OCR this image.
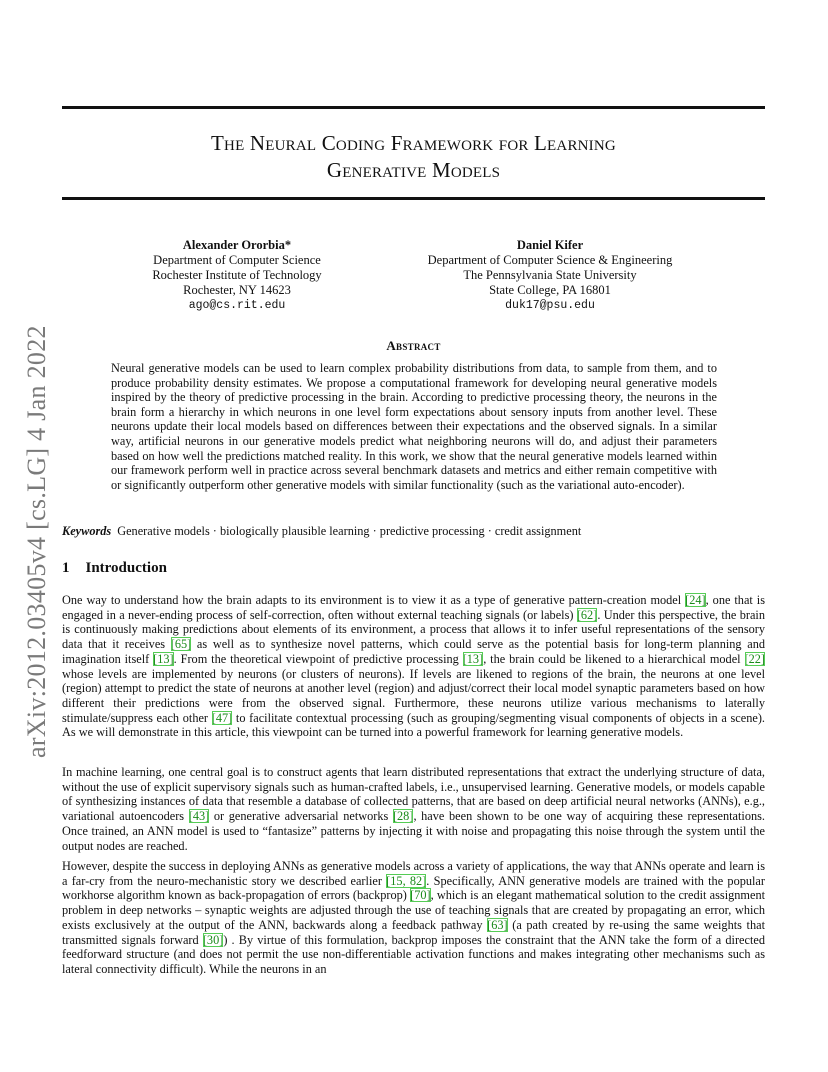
arXiv:2012.03405v4 [cs.LG] 4 Jan 2022
The Neural Coding Framework for Learning
Generative Models
Alexander Ororbia*
Department of Computer Science
Rochester Institute of Technology
Rochester, NY 14623
ago@cs.rit.edu
Daniel Kifer
Department of Computer Science & Engineering
The Pennsylvania State University
State College, PA 16801
duk17@psu.edu
Abstract
Neural generative models can be used to learn complex probability distributions from data, to sample from them, and to produce probability density estimates. We propose a computational framework for developing neural generative models inspired by the theory of predictive processing in the brain. According to predictive processing theory, the neurons in the brain form a hierarchy in which neurons in one level form expectations about sensory inputs from another level. These neurons update their local models based on differences between their expectations and the observed signals. In a similar way, artificial neurons in our generative models predict what neighboring neurons will do, and adjust their parameters based on how well the predictions matched reality. In this work, we show that the neural generative models learned within our framework perform well in practice across several benchmark datasets and metrics and either remain competitive with or significantly outperform other generative models with similar functionality (such as the variational auto-encoder).
Keywords Generative models · biologically plausible learning · predictive processing · credit assignment
1 Introduction
One way to understand how the brain adapts to its environment is to view it as a type of generative pattern-creation model [24], one that is engaged in a never-ending process of self-correction, often without external teaching signals (or labels) [62]. Under this perspective, the brain is continuously making predictions about elements of its environment, a process that allows it to infer useful representations of the sensory data that it receives [65] as well as to synthesize novel patterns, which could serve as the potential basis for long-term planning and imagination itself [13]. From the theoretical viewpoint of predictive processing [13], the brain could be likened to a hierarchical model [22] whose levels are implemented by neurons (or clusters of neurons). If levels are likened to regions of the brain, the neurons at one level (region) attempt to predict the state of neurons at another level (region) and adjust/correct their local model synaptic parameters based on how different their predictions were from the observed signal. Furthermore, these neurons utilize various mechanisms to laterally stimulate/suppress each other [47] to facilitate contextual processing (such as grouping/segmenting visual components of objects in a scene). As we will demonstrate in this article, this viewpoint can be turned into a powerful framework for learning generative models.
In machine learning, one central goal is to construct agents that learn distributed representations that extract the underlying structure of data, without the use of explicit supervisory signals such as human-crafted labels, i.e., unsupervised learning. Generative models, or models capable of synthesizing instances of data that resemble a database of collected patterns, that are based on deep artificial neural networks (ANNs), e.g., variational autoencoders [43] or generative adversarial networks [28], have been shown to be one way of acquiring these representations. Once trained, an ANN model is used to “fantasize” patterns by injecting it with noise and propagating this noise through the system until the output nodes are reached.
However, despite the success in deploying ANNs as generative models across a variety of applications, the way that ANNs operate and learn is a far-cry from the neuro-mechanistic story we described earlier [15, 82]. Specifically, ANN generative models are trained with the popular workhorse algorithm known as back-propagation of errors (backprop) [70], which is an elegant mathematical solution to the credit assignment problem in deep networks – synaptic weights are adjusted through the use of teaching signals that are created by propagating an error, which exists exclusively at the output of the ANN, backwards along a feedback pathway [63] (a path created by re-using the same weights that transmitted signals forward [30]) . By virtue of this formulation, backprop imposes the constraint that the ANN take the form of a directed feedforward structure (and does not permit the use non-differentiable activation functions and makes integrating other mechanisms such as lateral connectivity difficult). While the neurons in an
